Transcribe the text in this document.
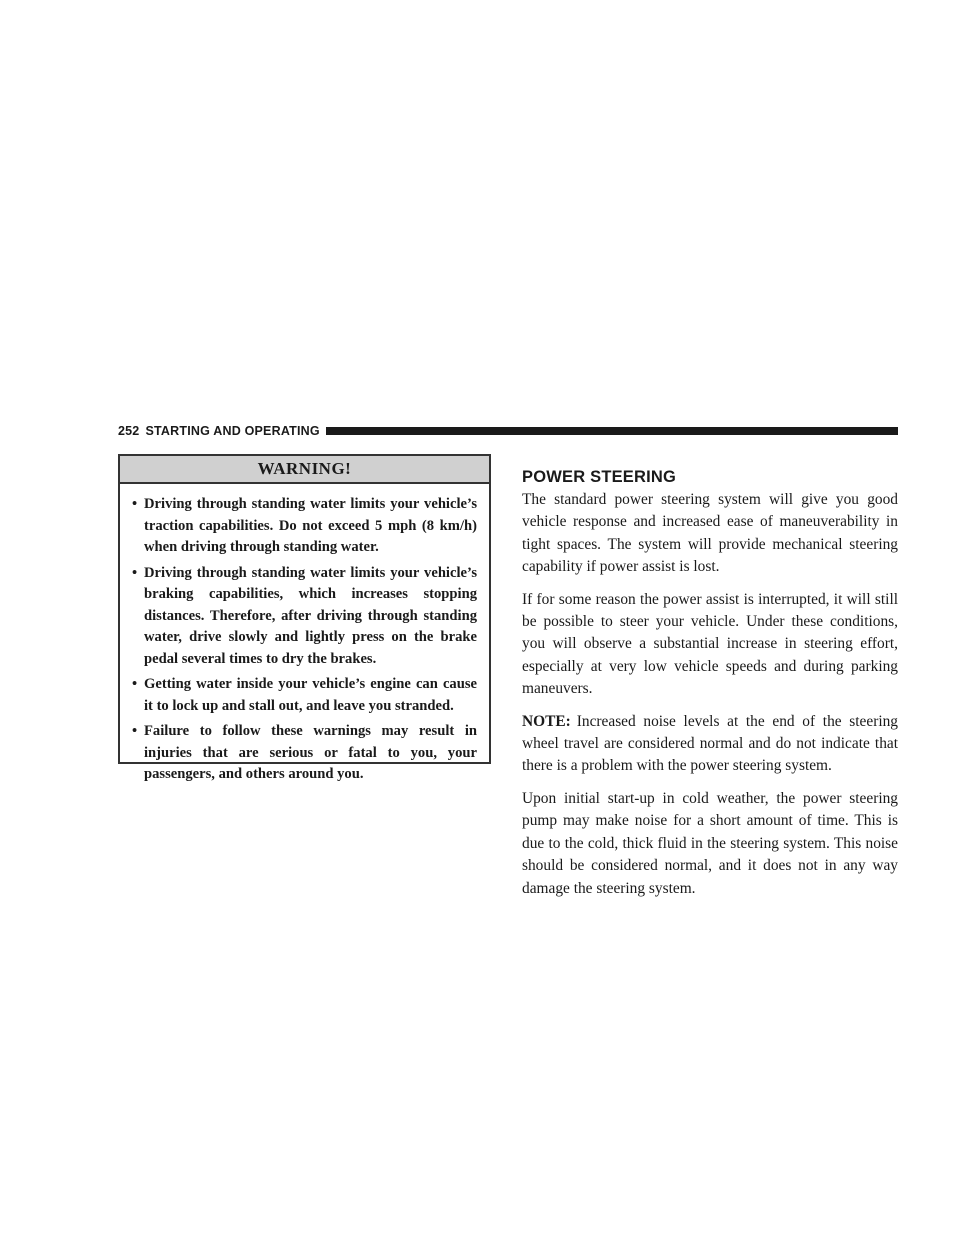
252 STARTING AND OPERATING
WARNING!
• Driving through standing water limits your vehicle’s traction capabilities. Do not exceed 5 mph (8 km/h) when driving through standing water.
• Driving through standing water limits your vehicle’s braking capabilities, which increases stopping distances. Therefore, after driving through standing water, drive slowly and lightly press on the brake pedal several times to dry the brakes.
• Getting water inside your vehicle’s engine can cause it to lock up and stall out, and leave you stranded.
• Failure to follow these warnings may result in injuries that are serious or fatal to you, your passengers, and others around you.
POWER STEERING

The standard power steering system will give you good vehicle response and increased ease of maneuverability in tight spaces. The system will provide mechanical steering capability if power assist is lost.

If for some reason the power assist is interrupted, it will still be possible to steer your vehicle. Under these conditions, you will observe a substantial increase in steering effort, especially at very low vehicle speeds and during parking maneuvers.

NOTE: Increased noise levels at the end of the steering wheel travel are considered normal and do not indicate that there is a problem with the power steering system.

Upon initial start-up in cold weather, the power steering pump may make noise for a short amount of time. This is due to the cold, thick fluid in the steering system. This noise should be considered normal, and it does not in any way damage the steering system.
